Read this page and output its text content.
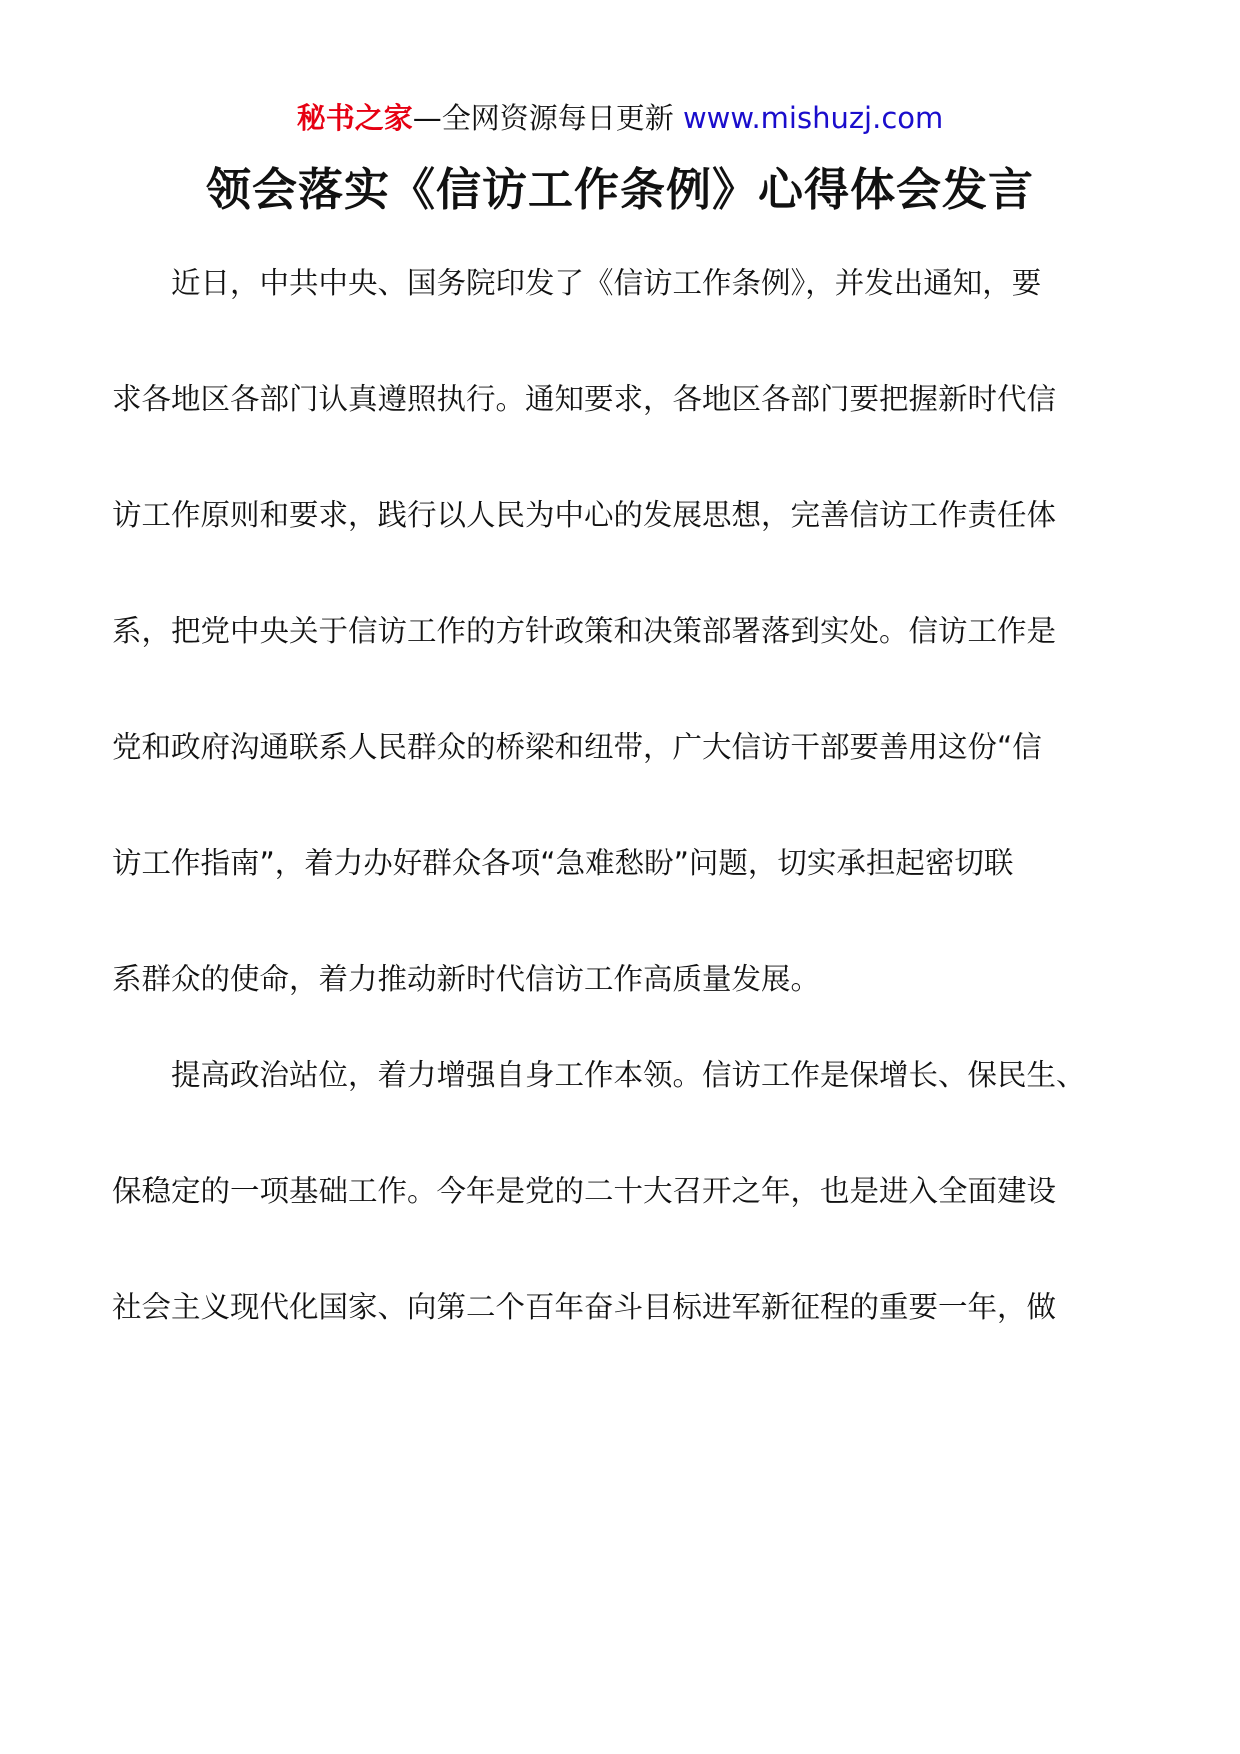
秘书之家—全网资源每日更新 www.mishuzj.com
领会落实《信访工作条例》心得体会发言
　　近日，中共中央、国务院印发了《信访工作条例》，并发出通知，要
求各地区各部门认真遵照执行。通知要求，各地区各部门要把握新时代信
访工作原则和要求，践行以人民为中心的发展思想，完善信访工作责任体
系，把党中央关于信访工作的方针政策和决策部署落到实处。信访工作是
党和政府沟通联系人民群众的桥梁和纽带，广大信访干部要善用这份“信
访工作指南”，着力办好群众各项“急难愁盼”问题，切实承担起密切联
系群众的使命，着力推动新时代信访工作高质量发展。
　　提高政治站位，着力增强自身工作本领。信访工作是保增长、保民生、
保稳定的一项基础工作。今年是党的二十大召开之年，也是进入全面建设
社会主义现代化国家、向第二个百年奋斗目标进军新征程的重要一年，做
